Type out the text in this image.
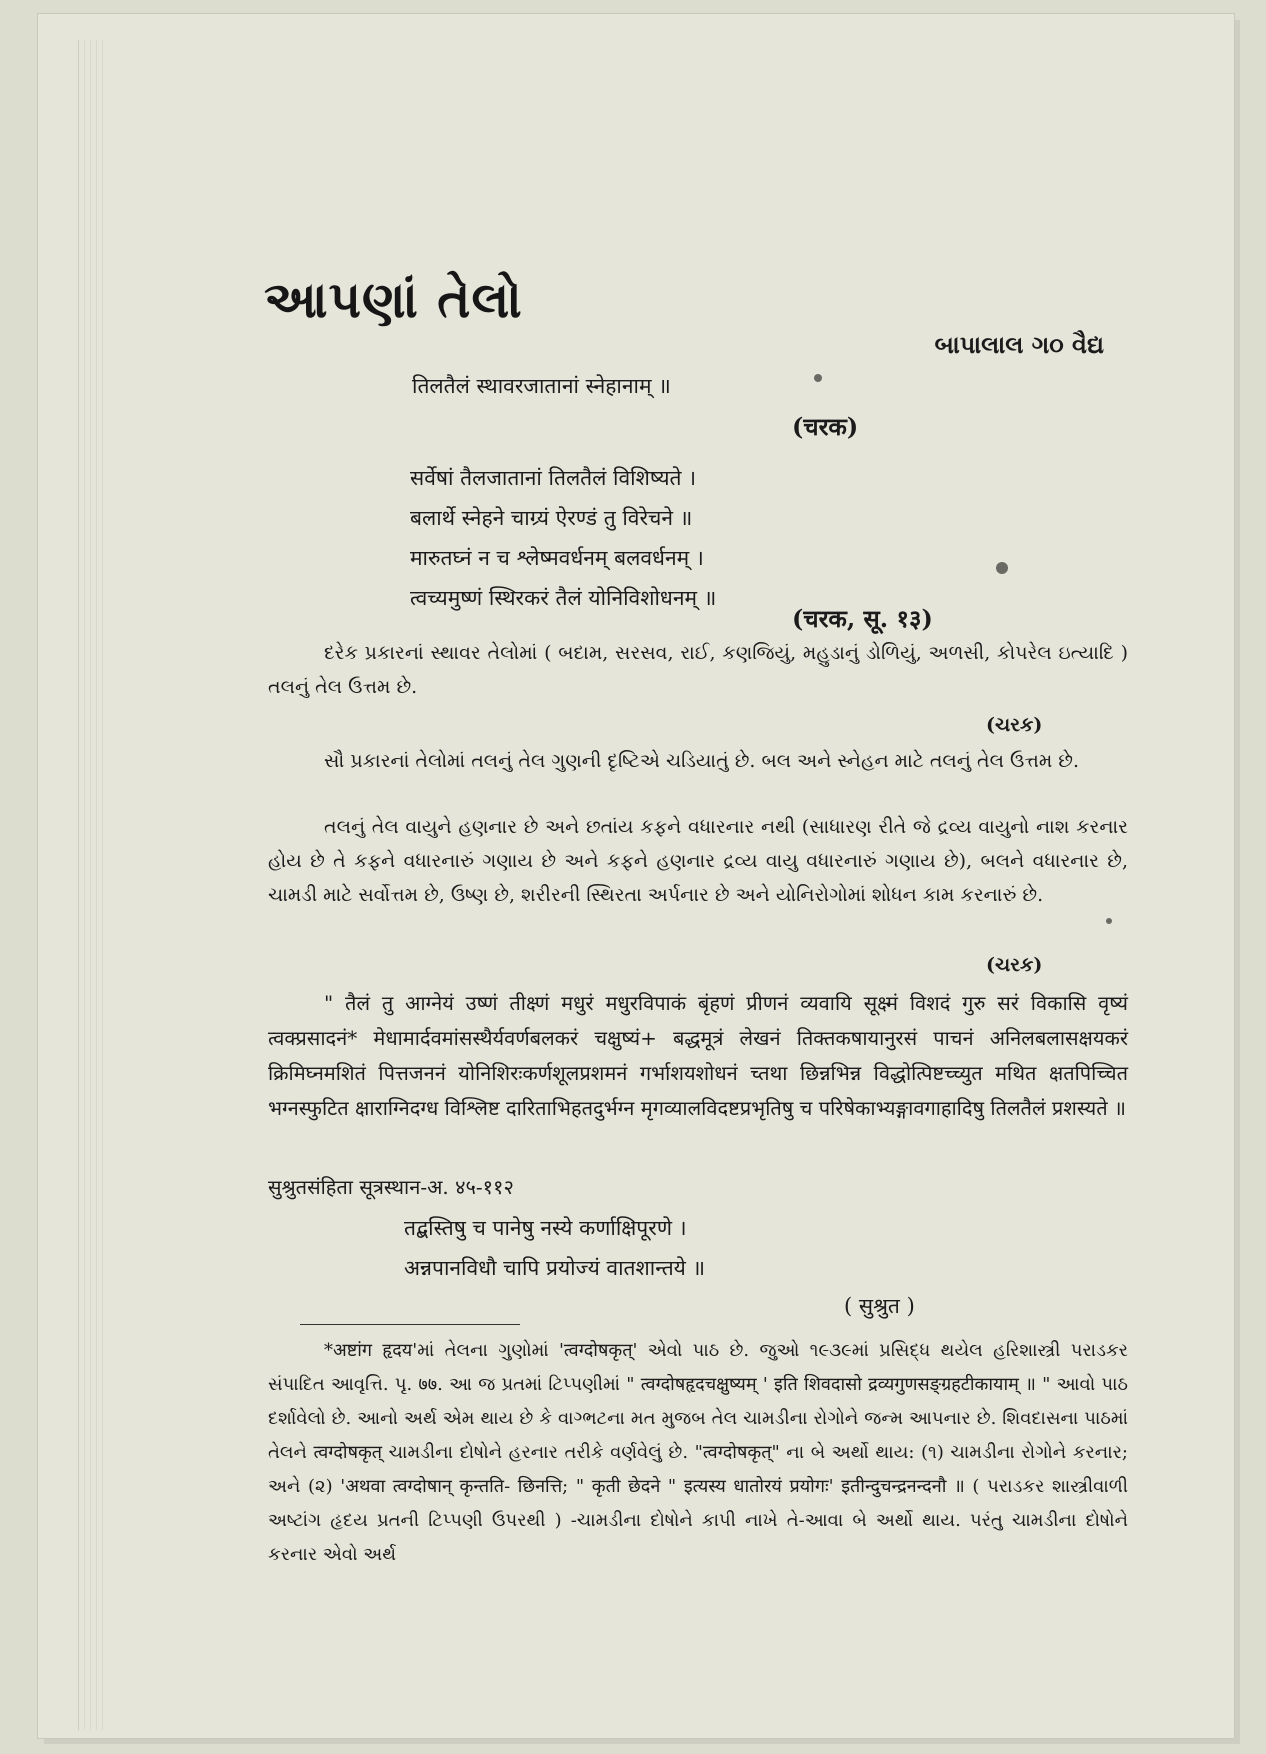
આપણાં તેલો
બાપાલાલ ગ૦ વૈદ્ય
तिलतैलं स्थावरजातानां स्नेहानाम् ॥
(चरक)
सर्वेषां तैलजातानां तिलतैलं विशिष्यते ।
बलार्थे स्नेहने चाग्र्यं ऐरण्डं तु विरेचने ॥
मारुतघ्नं न च श्लेष्मवर्धनम् बलवर्धनम् ।
त्वच्यमुष्णं स्थिरकरं तैलं योनिविशोधनम् ॥
(चरक, सू. १३)

દરેક પ્રકારનાં સ્થાવર તેલોમાં ( બદામ, સરસવ, રાઈ, કણજિયું, મહુડાનું ડોળિયું, અળસી, કોપરેલ ઇત્યાદિ ) તલનું તેલ ઉત્તમ છે.

(ચરક)

સૌ પ્રકારનાં તેલોમાં તલનું તેલ ગુણની દૃષ્ટિએ ચડિયાતું છે. બલ અને સ્નેહન માટે તલનું તેલ ઉત્તમ છે.

તલનું તેલ વાયુને હણનાર છે અને છતાંય કફને વધારનાર નથી (સાધારણ રીતે જે દ્રવ્ય વાયુનો નાશ કરનાર હોય છે તે કફને વધારનારું ગણાય છે અને કફને હણનાર દ્રવ્ય વાયુ વધારનારું ગણાય છે), બલને વધારનાર છે, ચામડી માટે સર્વોત્તમ છે, ઉષ્ણ છે, શરીરની સ્થિરતા અર્પનાર છે અને યોનિરોગોમાં શોધન કામ કરનારું છે.

(ચરક)

" तैलं तु आग्नेयं उष्णं तीक्ष्णं मधुरं मधुरविपाकं बृंहणं प्रीणनं व्यवायि सूक्ष्मं विशदं गुरु सरं विकासि वृष्यं त्वक्प्रसादनं* मेधामार्दवमांसस्थैर्यवर्णबलकरं चक्षुष्यं+ बद्धमूत्रं लेखनं तिक्तकषायानुरसं पाचनं अनिलबलासक्षयकरं क्रिमिघ्नमशितं पित्तजननं योनिशिरःकर्णशूलप्रशमनं गर्भाशयशोधनं च्तथा छिन्नभिन्न विद्धोत्पिष्टच्च्युत मथित क्षतपिच्चित भग्नस्फुटित क्षाराग्निदग्ध विश्लिष्ट दारिताभिहतदुर्भग्न मृगव्यालविदष्टप्रभृतिषु च परिषेकाभ्यङ्गावगाहादिषु तिलतैलं प्रशस्यते ॥

सुश्रुतसंहिता सूत्रस्थान-अ. ४५-११२
तद्बस्तिषु च पानेषु नस्ये कर्णाक्षिपूरणे ।
अन्नपानविधौ चापि प्रयोज्यं वातशान्तये ॥
( सुश्रुत )

*अष्टांग हृदय'માં તેલના ગુણોમાં 'त्वग्दोषकृत्' એવો પાઠ છે. જુઓ ૧૯૩૯માં પ્રસિદ્ધ થયેલ હરિશાસ્ત્રી પરાડકર સંપાદિત આવૃત્તિ. પૃ. ७७. આ જ પ્રતમાં ટિપ્પણીમાં " त्वग्दोषहृदचक्षुष्यम् ' इति शिवदासो द्रव्यगुणसङ्ग्रहटीकायाम् ॥ " આવો પાઠ દર્શાવેલો છે. આનો અર્થ એમ થાય છે કે વાગ્ભટના મત મુજબ તેલ ચામડીના રોગોને જન્મ આપનાર છે. શિવદાસના પાઠમાં તેલને त्वग्दोषकृत् ચામડીના દોષોને હરનાર તરીકે વર્ણવેલું છે. "त्वग्दोषकृत्" ના બે અર્થો થાય: (૧) ચામડીના રોગોને કરનાર; અને (૨) 'अथवा त्वग्दोषान् कृन्तति- छिनत्ति; " कृती छेदने " इत्यस्य धातोरयं प्रयोगः' इतीन्दुचन्द्रनन्दनौ ॥ ( પરાડકર શાસ્ત્રીવાળી અષ્ટાંગ હૃદય પ્રતની ટિપ્પણી ઉપરથી ) -ચામડીના દોષોને કાપી નાખે તે-આવા બે અર્થો થાય. પરંતુ ચામડીના દોષોને કરનાર એવો અર્થ
